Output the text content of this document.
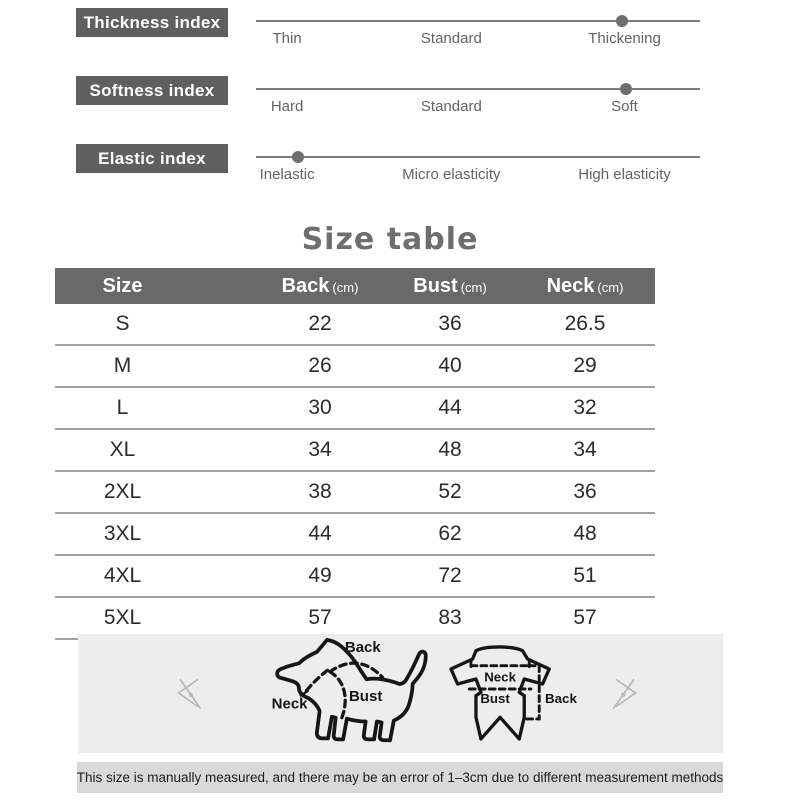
Thickness index
Thin	Standard	Thickening
Softness index
Hard	Standard	Soft
Elastic index
Inelastic	Micro elasticity	High elasticity
Size table
Size	Back (cm)	Bust (cm)	Neck (cm)
S	22	36	26.5
M	26	40	29
L	30	44	32
XL	34	48	34
2XL	38	52	36
3XL	44	62	48
4XL	49	72	51
5XL	57	83	57
Back
Bust
Neck
Neck
Bust Back
This size is manually measured, and there may be an error of 1–3cm due to different measurement methods
